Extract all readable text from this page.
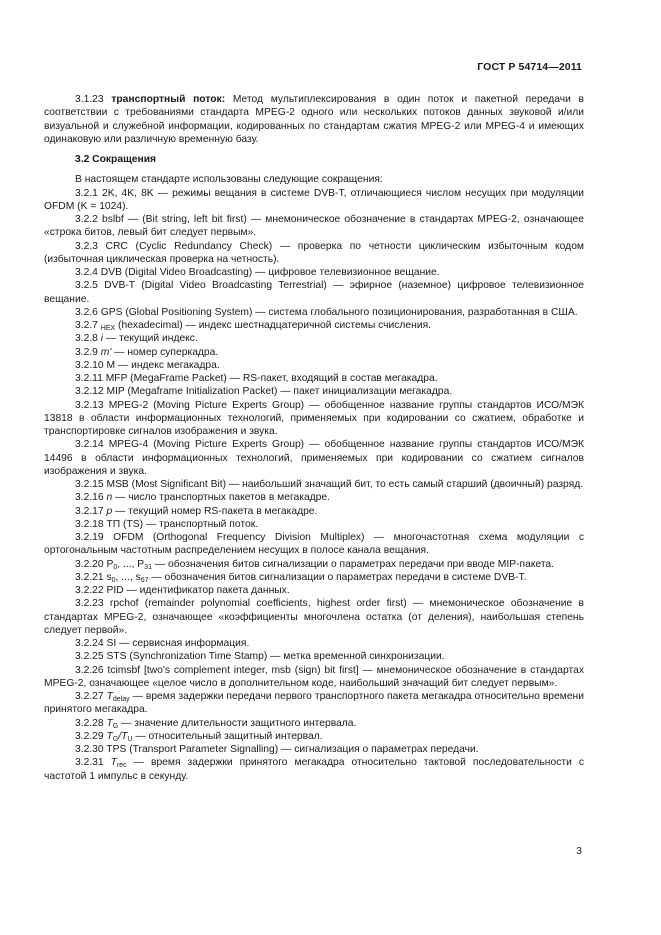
ГОСТ Р 54714—2011

3.1.23 транспортный поток: Метод мультиплексирования в один поток и пакетной передачи в соответствии с требованиями стандарта MPEG-2 одного или нескольких потоков данных звуковой и/или визуальной и служебной информации, кодированных по стандартам сжатия MPEG-2 или MPEG-4 и имеющих одинаковую или различную временную базу.

3.2 Сокращения

В настоящем стандарте использованы следующие сокращения:

3.2.1 2K, 4K, 8K — режимы вещания в системе DVB-T, отличающиеся числом несущих при модуляции OFDM (K = 1024).

3.2.2 bslbf — (Bit string, left bit first) — мнемоническое обозначение в стандартах MPEG-2, означающее «строка битов, левый бит следует первым».

3.2.3 CRC (Cyclic Redundancy Check) — проверка по четности циклическим избыточным кодом (избыточная циклическая проверка на четность).

3.2.4 DVB (Digital Video Broadcasting) — цифровое телевизионное вещание.

3.2.5 DVB-T (Digital Video Broadcasting Terrestrial) — эфирное (наземное) цифровое телевизионное вещание.

3.2.6 GPS (Global Positioning System) — система глобального позиционирования, разработанная в США.

3.2.7 $_{HEX}$ (hexadecimal) — индекс шестнадцатеричной системы счисления.

3.2.8 i — текущий индекс.

3.2.9 m' — номер суперкадра.

3.2.10 M — индекс мегакадра.

3.2.11 MFP (MegaFrame Packet) — RS-пакет, входящий в состав мегакадра.

3.2.12 MIP (Megaframe Initialization Packet) — пакет инициализации мегакадра.

3.2.13 MPEG-2 (Moving Picture Experts Group) — обобщенное название группы стандартов ИСО/МЭК 13818 в области информационных технологий, применяемых при кодировании со сжатием, обработке и транспортировке сигналов изображения и звука.

3.2.14 MPEG-4 (Moving Picture Experts Group) — обобщенное название группы стандартов ИСО/МЭК 14496 в области информационных технологий, применяемых при кодировании со сжатием сигналов изображения и звука.

3.2.15 MSB (Most Significant Bit) — наибольший значащий бит, то есть самый старший (двоичный) разряд.

3.2.16 n — число транспортных пакетов в мегакадре.

3.2.17 p — текущий номер RS-пакета в мегакадре.

3.2.18 ТП (TS) — транспортный поток.

3.2.19 OFDM (Orthogonal Frequency Division Multiplex) — многочастотная схема модуляции с ортогональным частотным распределением несущих в полосе канала вещания.

3.2.20 $P_0$, ..., $P_{31}$ — обозначения битов сигнализации о параметрах передачи при вводе MIP-пакета.

3.2.21 $s_0$, ..., $s_{67}$ — обозначения битов сигнализации о параметрах передачи в системе DVB-T.

3.2.22 PID — идентификатор пакета данных.

3.2.23 rpchof (remainder polynomial coefficients, highest order first) — мнемоническое обозначение в стандартах MPEG-2, означающее «коэффициенты многочлена остатка (от деления), наибольшая степень следует первой».

3.2.24 SI — сервисная информация.

3.2.25 STS (Synchronization Time Stamp) — метка временной синхронизации.

3.2.26 tcimsbf [two's complement integer, msb (sign) bit first] — мнемоническое обозначение в стандартах MPEG-2, означающее «целое число в дополнительном коде, наибольший значащий бит следует первым».

3.2.27 $T_{delay}$ — время задержки передачи первого транспортного пакета мегакадра относительно времени принятого мегакадра.

3.2.28 $T_G$ — значение длительности защитного интервала.

3.2.29 $T_G/T_U$ — относительный защитный интервал.

3.2.30 TPS (Transport Parameter Signalling) — сигнализация о параметрах передачи.

3.2.31 $T_{rec}$ — время задержки принятого мегакадра относительно тактовой последовательности с частотой 1 импульс в секунду.

3
